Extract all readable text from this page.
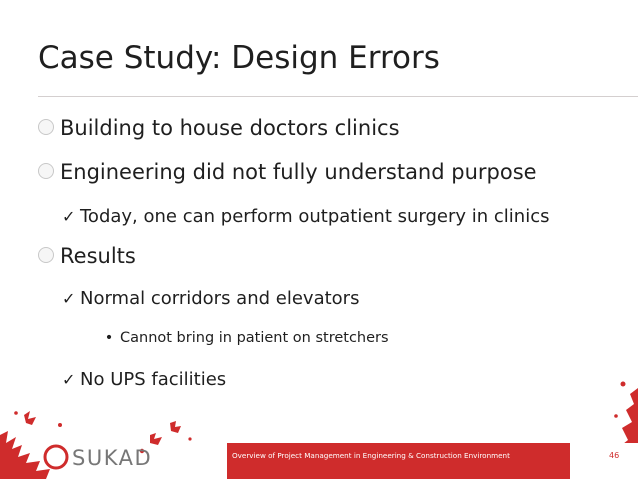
Case Study: Design Errors
Building to house doctors clinics
Engineering did not fully understand purpose
✓ Today, one can perform outpatient surgery in clinics
Results
✓ Normal corridors and elevators
• Cannot bring in patient on stretchers
✓ No UPS facilities
SUKAD	Overview of Project Management in Engineering & Construction Environment	46
